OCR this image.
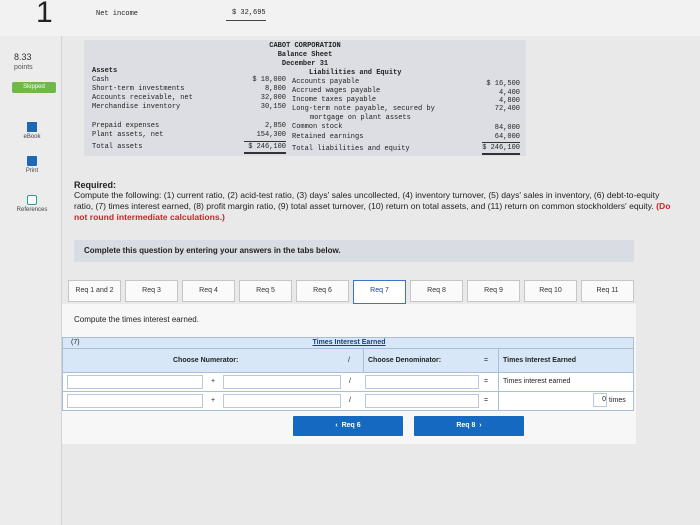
1	Net income	$ 32,695
8.33
points
Skipped
eBook
Print
References
CABOT CORPORATION
Balance Sheet
December 31
Assets	Liabilities and Equity
Cash	$ 18,000
Short-term investments	8,800
Accounts receivable, net	32,000
Merchandise inventory	30,150
Prepaid expenses	2,850
Plant assets, net	154,300
Total assets	$ 246,100
Accounts payable	$ 16,500
Accrued wages payable	4,400
Income taxes payable	4,800
Long-term note payable, secured by	72,400
mortgage on plant assets
Common stock	84,000
Retained earnings	64,000
Total liabilities and equity	$ 246,100
Required:
Compute the following: (1) current ratio, (2) acid-test ratio, (3) days' sales uncollected, (4) inventory turnover, (5) days' sales in inventory, (6) debt-to-equity ratio, (7) times interest earned, (8) profit margin ratio, (9) total asset turnover, (10) return on total assets, and (11) return on common stockholders' equity. (Do not round intermediate calculations.)
Complete this question by entering your answers in the tabs below.
Req 1 and 2	Req 3	Req 4	Req 5	Req 6	Req 7	Req 8	Req 9	Req 10	Req 11
Compute the times interest earned.
(7)	Times Interest Earned
Choose Numerator:	/	Choose Denominator:	= Times Interest Earned
+	/	= Times interest earned
+	/	=	0 times
‹  Req 6	Req 8  ›
